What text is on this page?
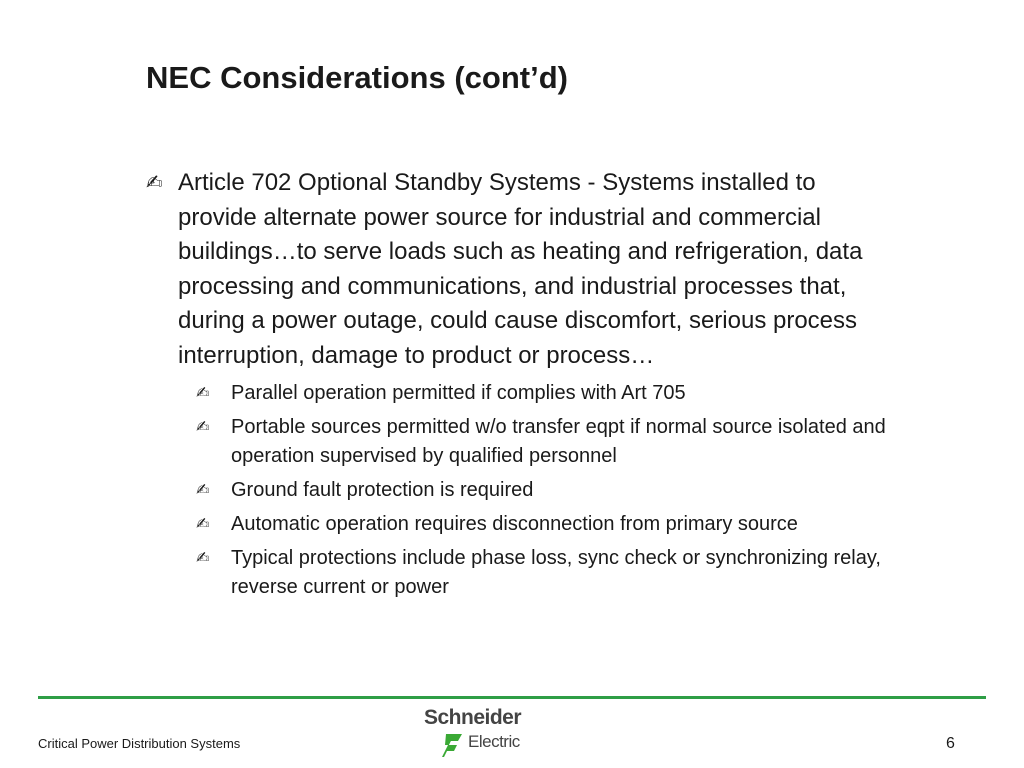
NEC Considerations (cont’d)
✍ Article 702 Optional Standby Systems - Systems installed to provide alternate power source for industrial and commercial buildings…to serve loads such as heating and refrigeration, data processing and communications, and industrial processes that, during a power outage, could cause discomfort, serious process interruption, damage to product or process…
✍	Parallel operation permitted if complies with Art 705
✍	Portable sources permitted w/o transfer eqpt if normal source isolated and operation supervised by qualified personnel
✍	Ground fault protection is required
✍	Automatic operation requires disconnection from primary source
✍	Typical protections include phase loss, sync check or synchronizing relay, reverse current or power
Schneider
Electric
Critical Power Distribution Systems	6
